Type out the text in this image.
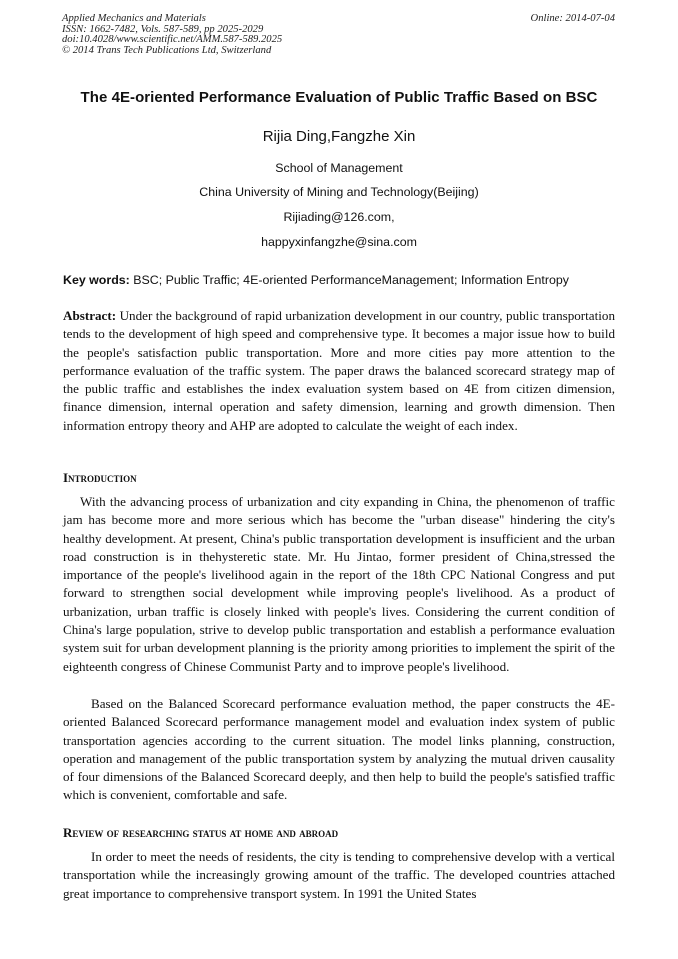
Applied Mechanics and Materials
ISSN: 1662-7482, Vols. 587-589, pp 2025-2029
doi:10.4028/www.scientific.net/AMM.587-589.2025
© 2014 Trans Tech Publications Ltd, Switzerland
Online: 2014-07-04
The 4E-oriented Performance Evaluation of Public Traffic Based on BSC
Rijia Ding,Fangzhe Xin
School of Management
China University of Mining and Technology(Beijing)
Rijiading@126.com,
happyxinfangzhe@sina.com
Key words: BSC; Public Traffic; 4E-oriented PerformanceManagement; Information Entropy

Abstract: Under the background of rapid urbanization development in our country, public transportation tends to the development of high speed and comprehensive type. It becomes a major issue how to build the people's satisfaction public transportation. More and more cities pay more attention to the performance evaluation of the traffic system. The paper draws the balanced scorecard strategy map of the public traffic and establishes the index evaluation system based on 4E from citizen dimension, finance dimension, internal operation and safety dimension, learning and growth dimension. Then information entropy theory and AHP are adopted to calculate the weight of each index.

Introduction

With the advancing process of urbanization and city expanding in China, the phenomenon of traffic jam has become more and more serious which has become the "urban disease" hindering the city's healthy development. At present, China's public transportation development is insufficient and the urban road construction is in thehysteretic state. Mr. Hu Jintao, former president of China,stressed the importance of the people's livelihood again in the report of the 18th CPC National Congress and put forward to strengthen social development while improving people's livelihood. As a product of urbanization, urban traffic is closely linked with people's lives. Considering the current condition of China's large population, strive to develop public transportation and establish a performance evaluation system suit for urban development planning is the priority among priorities to implement the spirit of the eighteenth congress of Chinese Communist Party and to improve people's livelihood.

Based on the Balanced Scorecard performance evaluation method, the paper constructs the 4E-oriented Balanced Scorecard performance management model and evaluation index system of public transportation agencies according to the current situation. The model links planning, construction, operation and management of the public transportation system by analyzing the mutual driven causality of four dimensions of the Balanced Scorecard deeply, and then help to build the people's satisfied traffic which is convenient, comfortable and safe.

Review of researching status at home and abroad

In order to meet the needs of residents, the city is tending to comprehensive develop with a vertical transportation while the increasingly growing amount of the traffic. The developed countries attached great importance to comprehensive transport system. In 1991 the United States
